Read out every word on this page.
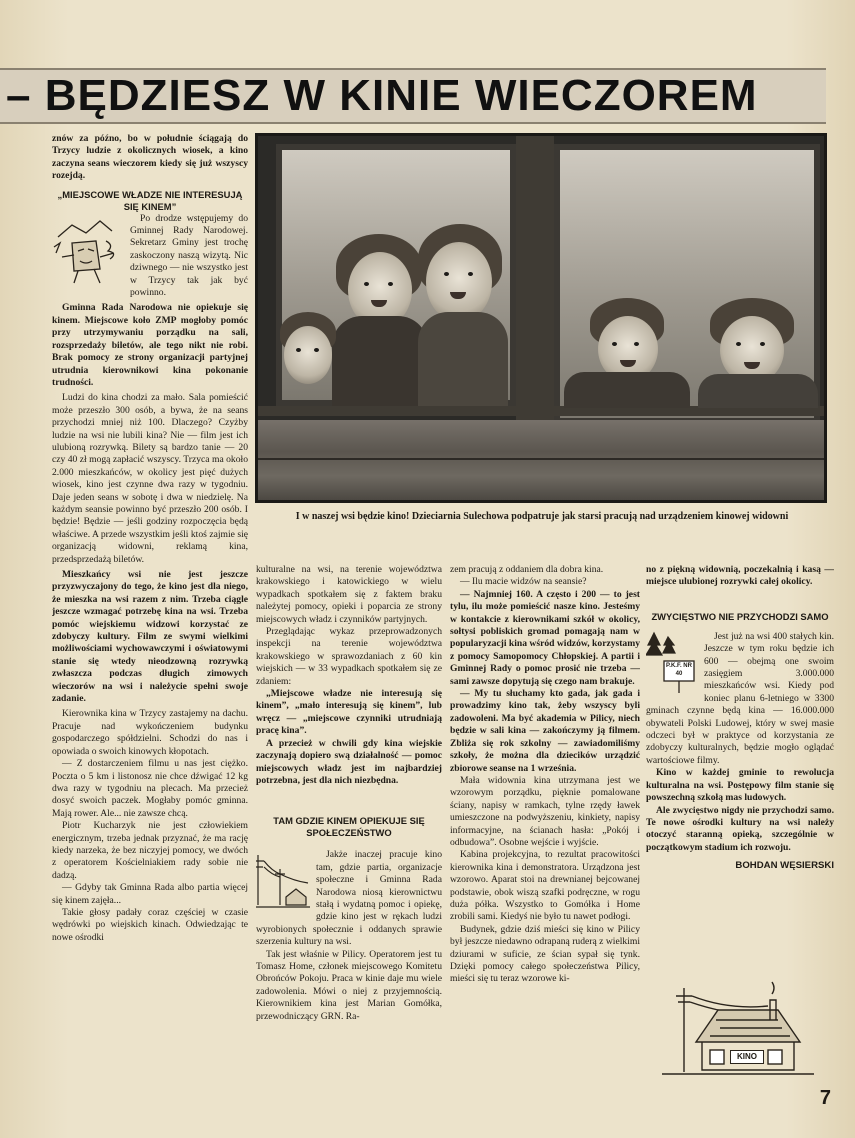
– BĘDZIESZ W KINIE WIECZOREM

znów za późno, bo w południe ściągają do Trzycy ludzie z okolicznych wiosek, a kino zaczyna seans wieczorem kiedy się już wszyscy rozejdą.

„MIEJSCOWE WŁADZE NIE INTERESUJĄ SIĘ KINEM”

Po drodze wstępujemy do Gminnej Rady Narodowej. Sekretarz Gminy jest trochę zaskoczony naszą wizytą. Nic dziwnego — nie wszystko jest w Trzycy tak jak być powinno.

Gminna Rada Narodowa nie opiekuje się kinem. Miejscowe koło ZMP mogłoby pomóc przy utrzymywaniu porządku na sali, rozsprzedaży biletów, ale tego nikt nie robi. Brak pomocy ze strony organizacji partyjnej utrudnia kierownikowi kina pokonanie trudności.

Ludzi do kina chodzi za mało. Sala pomieścić może przeszło 300 osób, a bywa, że na seans przychodzi mniej niż 100. Dlaczego? Czyżby ludzie na wsi nie lubili kina? Nie — film jest ich ulubioną rozrywką. Bilety są bardzo tanie — 20 czy 40 zł mogą zapłacić wszyscy. Trzyca ma około 2.000 mieszkańców, w okolicy jest pięć dużych wiosek, kino jest czynne dwa razy w tygodniu. Daje jeden seans w sobotę i dwa w niedzielę. Na każdym seansie powinno być przeszło 200 osób. I będzie! Będzie — jeśli godziny rozpoczęcia będą właściwe. A przede wszystkim jeśli ktoś zajmie się organizacją widowni, reklamą kina, przedsprzedażą biletów.

Mieszkańcy wsi nie jest jeszcze przyzwyczajony do tego, że kino jest dla niego, że mieszka na wsi razem z nim. Trzeba ciągle jeszcze wzmagać potrzebę kina na wsi. Trzeba pomóc wiejskiemu widzowi korzystać ze zdobyczy kultury. Film ze swymi wielkimi możliwościami wychowawczymi i oświatowymi stanie się wtedy nieodzowną rozrywką zwłaszcza podczas długich zimowych wieczorów na wsi i należycie spełni swoje zadanie.

Kierownika kina w Trzycy zastajemy na dachu. Pracuje nad wykończeniem budynku gospodarczego spółdzielni. Schodzi do nas i opowiada o swoich kinowych kłopotach.

— Z dostarczeniem filmu u nas jest ciężko. Poczta o 5 km i listonosz nie chce dźwigać 12 kg dwa razy w tygodniu na plecach. Ma przecież dosyć swoich paczek. Mogłaby pomóc gminna. Mają rower. Ale... nie zawsze chcą.

Piotr Kucharzyk nie jest człowiekiem energicznym, trzeba jednak przyznać, że ma rację kiedy narzeka, że bez niczyjej pomocy, we dwóch z operatorem Kościelniakiem rady sobie nie dadzą.

— Gdyby tak Gminna Rada albo partia więcej się kinem zajęła...

Takie głosy padały coraz częściej w czasie wędrówki po wiejskich kinach. Odwiedzając te nowe ośrodki

I w naszej wsi będzie kino! Dzieciarnia Sulechowa podpatruje jak starsi pracują nad urządzeniem kinowej widowni

kulturalne na wsi, na terenie województwa krakowskiego i katowickiego w wielu wypadkach spotkałem się z faktem braku należytej pomocy, opieki i poparcia ze strony miejscowych władz i czynników partyjnych.

Przeglądając wykaz przeprowadzonych inspekcji na terenie województwa krakowskiego w sprawozdaniach z 60 kin wiejskich — w 33 wypadkach spotkałem się ze zdaniem:

„Miejscowe władze nie interesują się kinem”, „mało interesują się kinem”, lub wręcz — „miejscowe czynniki utrudniają pracę kina”.

A przecież w chwili gdy kina wiejskie zaczynają dopiero swą działalność — pomoc miejscowych władz jest im najbardziej potrzebna, jest dla nich niezbędna.

TAM GDZIE KINEM OPIEKUJE SIĘ SPOŁECZEŃSTWO

Jakże inaczej pracuje kino tam, gdzie partia, organizacje społeczne i Gminna Rada Narodowa niosą kierownictwu stałą i wydatną pomoc i opiekę, gdzie kino jest w rękach ludzi wyrobionych społecznie i oddanych sprawie szerzenia kultury na wsi.

Tak jest właśnie w Pilicy. Operatorem jest tu Tomasz Home, członek miejscowego Komitetu Obrońców Pokoju. Praca w kinie daje mu wiele zadowolenia. Mówi o niej z przyjemnością. Kierownikiem kina jest Marian Gomółka, przewodniczący GRN. Ra-

zem pracują z oddaniem dla dobra kina.

— Ilu macie widzów na seansie?

— Najmniej 160. A często i 200 — to jest tylu, ilu może pomieścić nasze kino. Jesteśmy w kontakcie z kierownikami szkół w okolicy, sołtysi pobliskich gromad pomagają nam w popularyzacji kina wśród widzów, korzystamy z pomocy Samopomocy Chłopskiej. A partii i Gminnej Rady o pomoc prosić nie trzeba — sami zawsze dopytują się czego nam brakuje.

— My tu słuchamy kto gada, jak gada i prowadzimy kino tak, żeby wszyscy byli zadowoleni. Ma być akademia w Pilicy, niech będzie w sali kina — zakończymy ją filmem. Zbliża się rok szkolny — zawiadomiliśmy szkoły, że można dla dziecików urządzić zbiorowe seanse na 1 września.

Mała widownia kina utrzymana jest we wzorowym porządku, pięknie pomalowane ściany, napisy w ramkach, tylne rzędy ławek umieszczone na podwyższeniu, kinkiety, napisy informacyjne, na ścianach hasła: „Pokój i odbudowa”. Osobne wejście i wyjście.

Kabina projekcyjna, to rezultat pracowitości kierownika kina i demonstratora. Urządzona jest wzorowo. Aparat stoi na drewnianej bejcowanej podstawie, obok wiszą szafki podręczne, w rogu duża półka. Wszystko to Gomółka i Home zrobili sami. Kiedyś nie było tu nawet podłogi.

Budynek, gdzie dziś mieści się kino w Pilicy był jeszcze niedawno odrapaną ruderą z wielkimi dziurami w suficie, ze ścian sypał się tynk. Dzięki pomocy całego społeczeństwa Pilicy, mieści się tu teraz wzorowe ki-

no z piękną widownią, poczekalnią i kasą — miejsce ulubionej rozrywki całej okolicy.

ZWYCIĘSTWO NIE PRZYCHODZI SAMO

P.K.F. NR 40

Jest już na wsi 400 stałych kin. Jeszcze w tym roku będzie ich 600 — obejmą one swoim zasięgiem 3.000.000 mieszkańców wsi. Kiedy pod koniec planu 6-letniego w 3300 gminach czynne będą kina — 16.000.000 obywateli Polski Ludowej, który w swej masie odczeci był w praktyce od korzystania ze zdobyczy kulturalnych, będzie mogło oglądać wartościowe filmy.

Kino w każdej gminie to rewolucja kulturalna na wsi. Postępowy film stanie się powszechną szkołą mas ludowych.

Ale zwycięstwo nigdy nie przychodzi samo. Te nowe ośrodki kultury na wsi należy otoczyć staranną opieką, szczególnie w początkowym stadium ich rozwoju.

BOHDAN WĘSIERSKI

KINO
7
